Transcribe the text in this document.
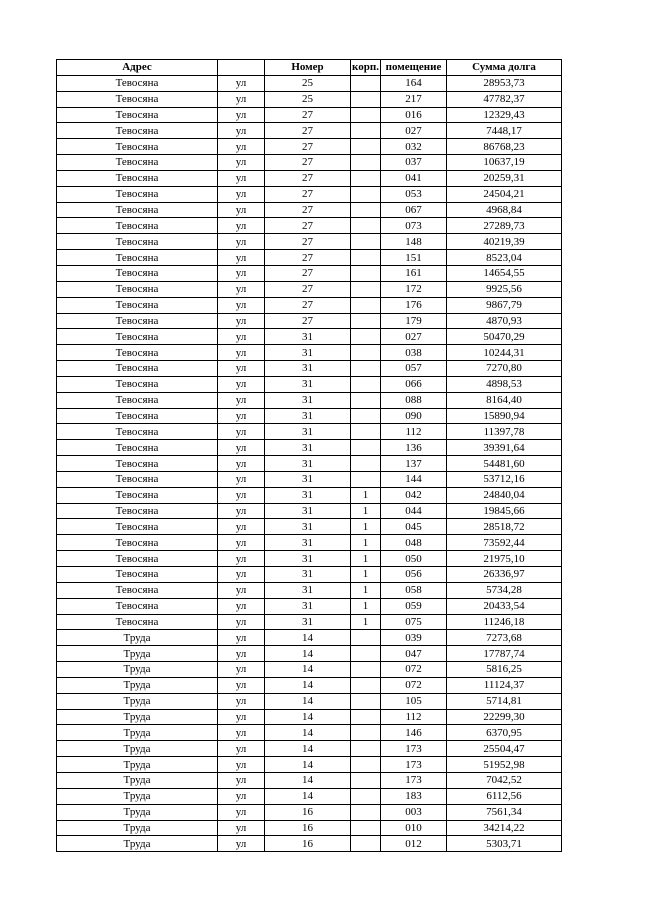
Адрес		Номер	корп.	помещение	Сумма долга
Тевосяна	ул	25		164	28953,73
Тевосяна	ул	25		217	47782,37
Тевосяна	ул	27		016	12329,43
Тевосяна	ул	27		027	7448,17
Тевосяна	ул	27		032	86768,23
Тевосяна	ул	27		037	10637,19
Тевосяна	ул	27		041	20259,31
Тевосяна	ул	27		053	24504,21
Тевосяна	ул	27		067	4968,84
Тевосяна	ул	27		073	27289,73
Тевосяна	ул	27		148	40219,39
Тевосяна	ул	27		151	8523,04
Тевосяна	ул	27		161	14654,55
Тевосяна	ул	27		172	9925,56
Тевосяна	ул	27		176	9867,79
Тевосяна	ул	27		179	4870,93
Тевосяна	ул	31		027	50470,29
Тевосяна	ул	31		038	10244,31
Тевосяна	ул	31		057	7270,80
Тевосяна	ул	31		066	4898,53
Тевосяна	ул	31		088	8164,40
Тевосяна	ул	31		090	15890,94
Тевосяна	ул	31		112	11397,78
Тевосяна	ул	31		136	39391,64
Тевосяна	ул	31		137	54481,60
Тевосяна	ул	31		144	53712,16
Тевосяна	ул	31	1	042	24840,04
Тевосяна	ул	31	1	044	19845,66
Тевосяна	ул	31	1	045	28518,72
Тевосяна	ул	31	1	048	73592,44
Тевосяна	ул	31	1	050	21975,10
Тевосяна	ул	31	1	056	26336,97
Тевосяна	ул	31	1	058	5734,28
Тевосяна	ул	31	1	059	20433,54
Тевосяна	ул	31	1	075	11246,18
Труда	ул	14		039	7273,68
Труда	ул	14		047	17787,74
Труда	ул	14		072	5816,25
Труда	ул	14		072	11124,37
Труда	ул	14		105	5714,81
Труда	ул	14		112	22299,30
Труда	ул	14		146	6370,95
Труда	ул	14		173	25504,47
Труда	ул	14		173	51952,98
Труда	ул	14		173	7042,52
Труда	ул	14		183	6112,56
Труда	ул	16		003	7561,34
Труда	ул	16		010	34214,22
Труда	ул	16		012	5303,71
